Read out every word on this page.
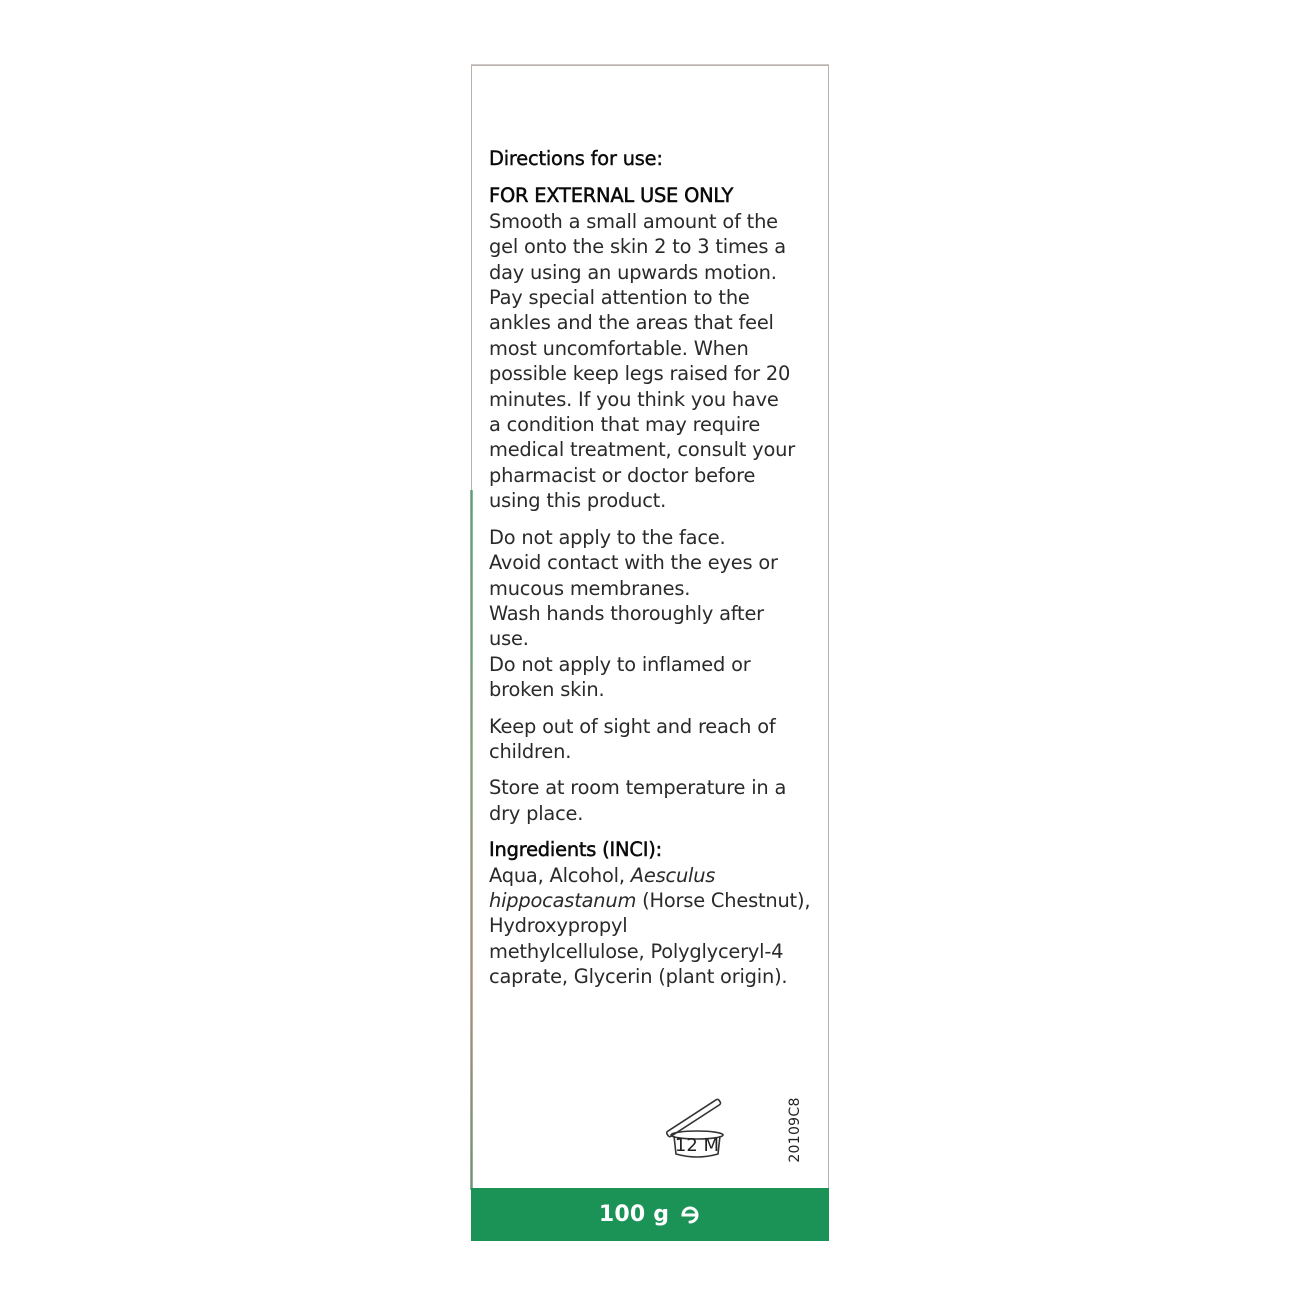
Directions for use:
FOR EXTERNAL USE ONLY
Smooth a small amount of the
gel onto the skin 2 to 3 times a
day using an upwards motion.
Pay special attention to the
ankles and the areas that feel
most uncomfortable. When
possible keep legs raised for 20
minutes. If you think you have
a condition that may require
medical treatment, consult your
pharmacist or doctor before
using this product.
Do not apply to the face.
Avoid contact with the eyes or
mucous membranes.
Wash hands thoroughly after
use.
Do not apply to inflamed or
broken skin.
Keep out of sight and reach of
children.
Store at room temperature in a
dry place.
Ingredients (INCI):
Aqua, Alcohol, Aesculus
hippocastanum (Horse Chestnut),
Hydroxypropyl
methylcellulose, Polyglyceryl-4
caprate, Glycerin (plant origin).
12 M	20109C8
100 g
